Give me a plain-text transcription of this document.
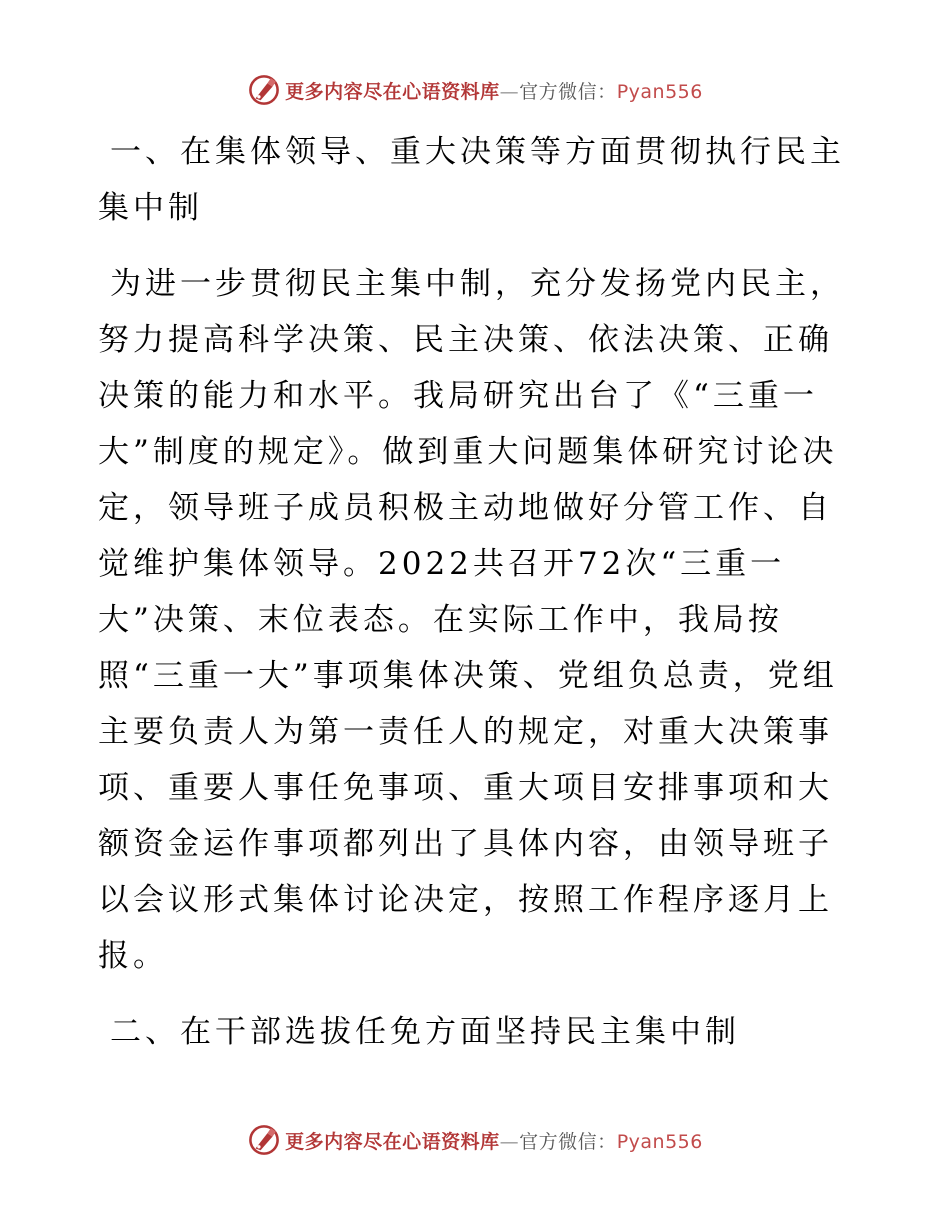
更多内容尽在心语资料库—官方微信：Pyan556

一、在集体领导、重大决策等方面贯彻执行民主集中制

为进一步贯彻民主集中制，充分发扬党内民主，努力提高科学决策、民主决策、依法决策、正确决策的能力和水平。我局研究出台了《“三重一大”制度的规定》。做到重大问题集体研究讨论决定，领导班子成员积极主动地做好分管工作、自觉维护集体领导。2022共召开72次“三重一大”决策、末位表态。在实际工作中，我局按照“三重一大”事项集体决策、党组负总责，党组主要负责人为第一责任人的规定，对重大决策事项、重要人事任免事项、重大项目安排事项和大额资金运作事项都列出了具体内容，由领导班子以会议形式集体讨论决定，按照工作程序逐月上报。

二、在干部选拔任免方面坚持民主集中制

更多内容尽在心语资料库—官方微信：Pyan556
